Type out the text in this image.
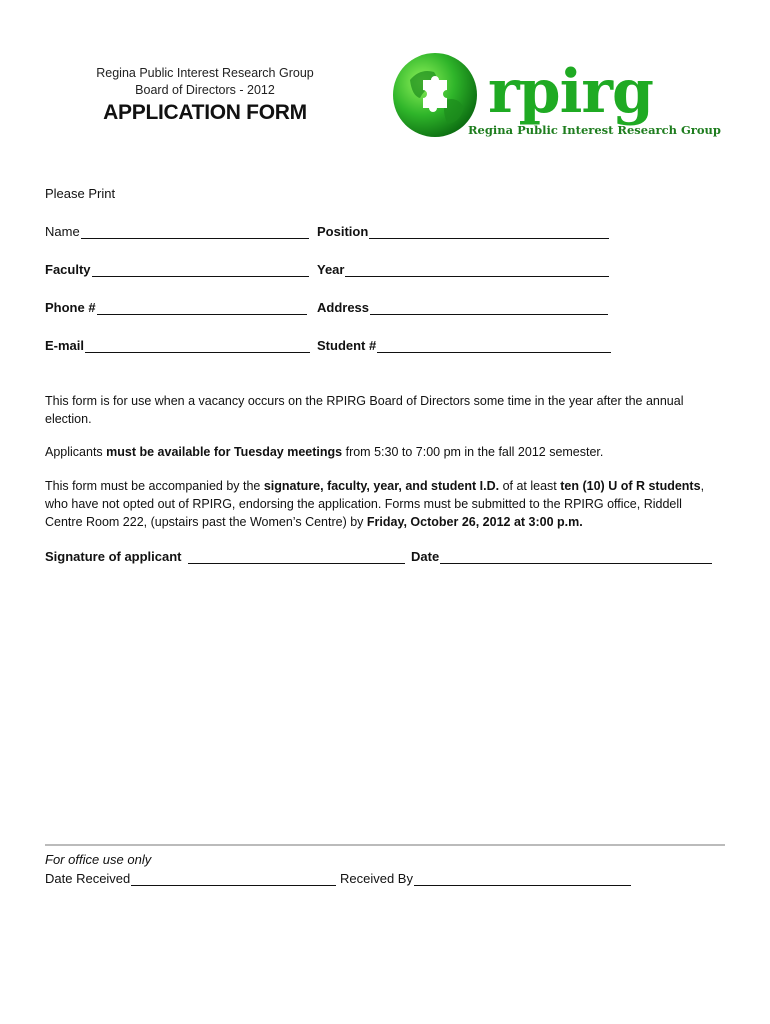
Regina Public Interest Research Group
Board of Directors - 2012
APPLICATION FORM	rpirg
Regina Public Interest Research Group
Please Print
Name	Position
Faculty	Year
Phone #	Address
E-mail	Student #
This form is for use when a vacancy occurs on the RPIRG Board of Directors some time in the year after the annual election.
Applicants must be available for Tuesday meetings from 5:30 to 7:00 pm in the fall 2012 semester.
This form must be accompanied by the signature, faculty, year, and student I.D. of at least ten (10) U of R students, who have not opted out of RPIRG, endorsing the application. Forms must be submitted to the RPIRG office, Riddell Centre Room 222, (upstairs past the Women’s Centre) by Friday, October 26, 2012 at 3:00 p.m.
Signature of applicant	Date
For office use only
Date Received	Received By
